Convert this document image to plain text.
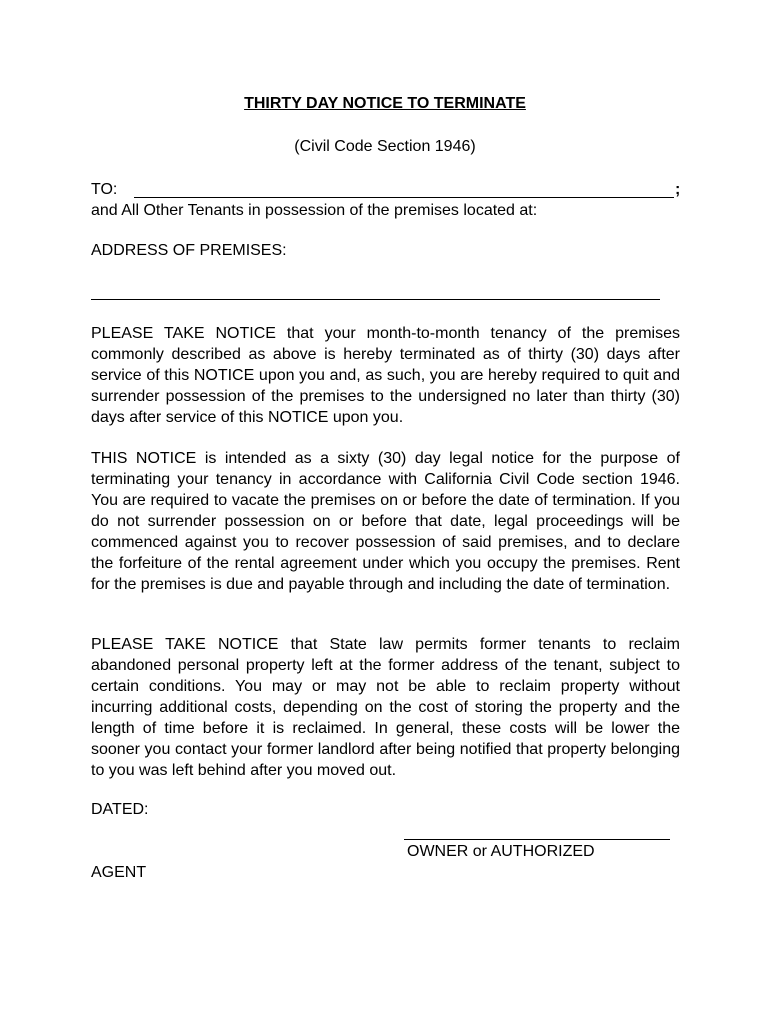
THIRTY DAY NOTICE TO TERMINATE
(Civil Code Section 1946)
TO:	;
and All Other Tenants in possession of the premises located at:
ADDRESS OF PREMISES:
PLEASE TAKE NOTICE that your month-to-month tenancy of the premises commonly described as above is hereby terminated as of thirty (30) days after service of this NOTICE upon you and, as such, you are hereby required to quit and surrender possession of the premises to the undersigned no later than thirty (30) days after service of this NOTICE upon you.
THIS NOTICE is intended as a sixty (30) day legal notice for the purpose of terminating your tenancy in accordance with California Civil Code section 1946. You are required to vacate the premises on or before the date of termination. If you do not surrender possession on or before that date, legal proceedings will be commenced against you to recover possession of said premises, and to declare the forfeiture of the rental agreement under which you occupy the premises. Rent for the premises is due and payable through and including the date of termination.
PLEASE TAKE NOTICE that State law permits former tenants to reclaim abandoned personal property left at the former address of the tenant, subject to certain conditions. You may or may not be able to reclaim property without incurring additional costs, depending on the cost of storing the property and the length of time before it is reclaimed. In general, these costs will be lower the sooner you contact your former landlord after being notified that property belonging to you was left behind after you moved out.
DATED:
OWNER or AUTHORIZED
AGENT
